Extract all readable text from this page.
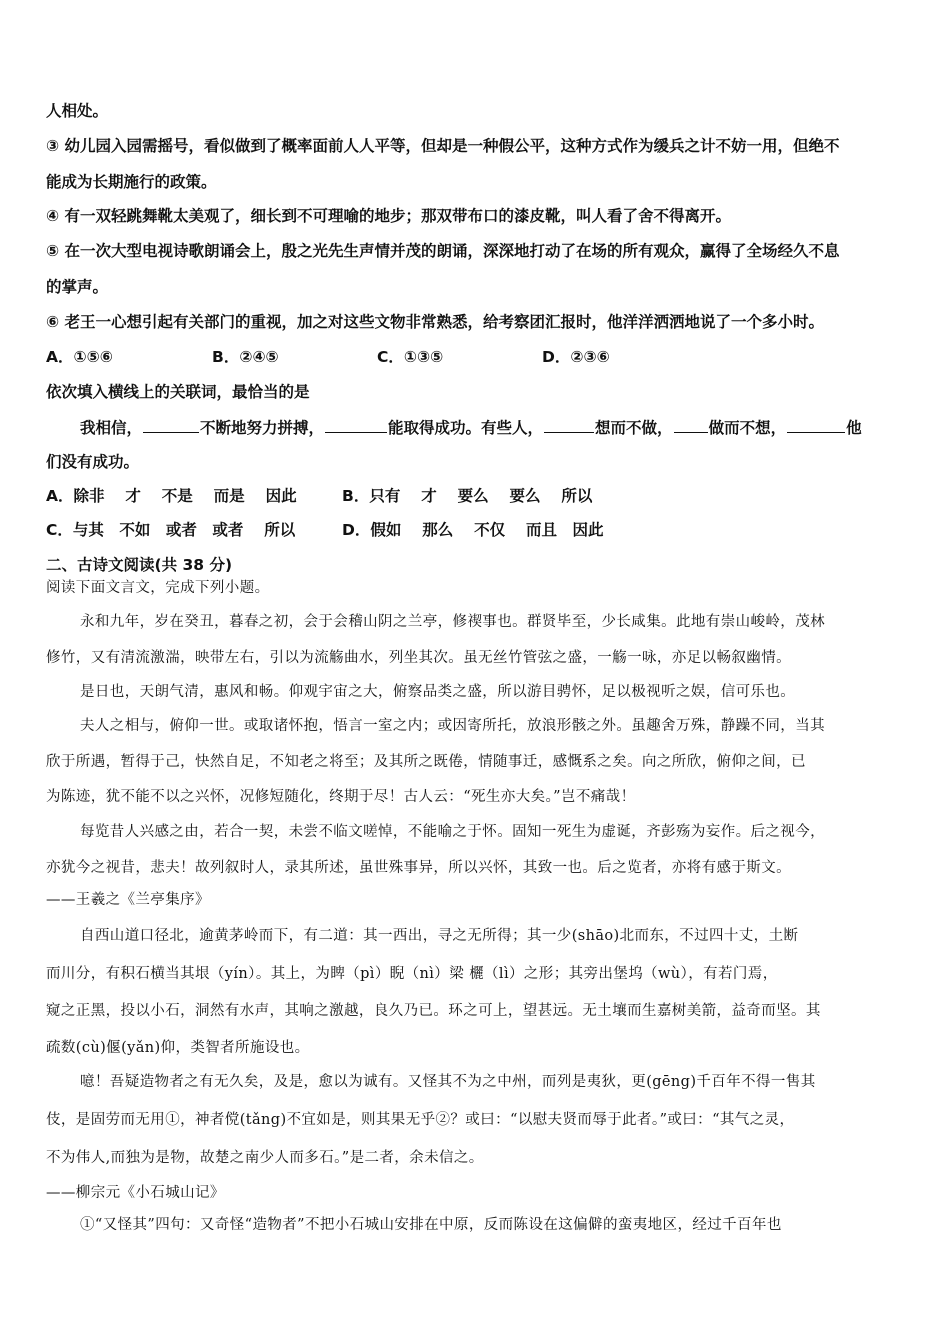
人相处。
③ 幼儿园入园需摇号，看似做到了概率面前人人平等，但却是一种假公平，这种方式作为缓兵之计不妨一用，但绝不
能成为长期施行的政策。
④ 有一双轻跳舞靴太美观了，细长到不可理喻的地步；那双带布口的漆皮靴，叫人看了舍不得离开。
⑤ 在一次大型电视诗歌朗诵会上，殷之光先生声情并茂的朗诵，深深地打动了在场的所有观众，赢得了全场经久不息
的掌声。
⑥ 老王一心想引起有关部门的重视，加之对这些文物非常熟悉，给考察团汇报时，他洋洋洒洒地说了一个多小时。
A．①⑤⑥	B．②④⑤	C．①③⑤	D．②③⑥
依次填入横线上的关联词，最恰当的是
我相信，	不断地努力拼搏，	能取得成功。有些人，	想而不做， 做而不想，	他
们没有成功。
A．除非　 才　 不是　 而是　 因此	B．只有　 才　 要么　 要么　 所以
C．与其　不如　或者　或者　 所以	D．假如　 那么　 不仅　 而且　因此
二、古诗文阅读(共 38 分)
阅读下面文言文，完成下列小题。
永和九年，岁在癸丑，暮春之初，会于会稽山阴之兰亭，修禊事也。群贤毕至，少长咸集。此地有崇山峻岭，茂林
修竹，又有清流激湍，映带左右，引以为流觞曲水，列坐其次。虽无丝竹管弦之盛，一觞一咏，亦足以畅叙幽情。
是日也，天朗气清，惠风和畅。仰观宇宙之大，俯察品类之盛，所以游目骋怀，足以极视听之娱，信可乐也。
夫人之相与，俯仰一世。或取诸怀抱，悟言一室之内；或因寄所托，放浪形骸之外。虽趣舍万殊，静躁不同，当其
欣于所遇，暂得于己，快然自足，不知老之将至；及其所之既倦，情随事迁，感慨系之矣。向之所欣，俯仰之间，已
为陈迹，犹不能不以之兴怀，况修短随化，终期于尽！古人云：“死生亦大矣。”岂不痛哉！
每览昔人兴感之由，若合一契，未尝不临文嗟悼，不能喻之于怀。固知一死生为虚诞，齐彭殇为妄作。后之视今，
亦犹今之视昔，悲夫！故列叙时人，录其所述，虽世殊事异，所以兴怀，其致一也。后之览者，亦将有感于斯文。
——王羲之《兰亭集序》
自西山道口径北，逾黄茅岭而下，有二道：其一西出，寻之无所得；其一少(shāo)北而东，不过四十丈，土断
而川分，有积石横当其垠（yín）。其上，为睥（pì）睨（nì）梁 欐（lì）之形；其旁出堡坞（wù），有若门焉，
窥之正黑，投以小石，洞然有水声，其响之激越，良久乃已。环之可上，望甚远。无土壤而生嘉树美箭，益奇而坚。其
疏数(cù)偃(yǎn)仰，类智者所施设也。
噫！吾疑造物者之有无久矣，及是，愈以为诚有。又怪其不为之中州，而列是夷狄，更(gēng)千百年不得一售其
伎，是固劳而无用①，神者傥(tǎng)不宜如是，则其果无乎②？或曰：“以慰夫贤而辱于此者。”或曰：“其气之灵，
不为伟人,而独为是物，故楚之南少人而多石。”是二者，余未信之。
——柳宗元《小石城山记》
①“又怪其”四句：又奇怪“造物者”不把小石城山安排在中原，反而陈设在这偏僻的蛮夷地区，经过千百年也
